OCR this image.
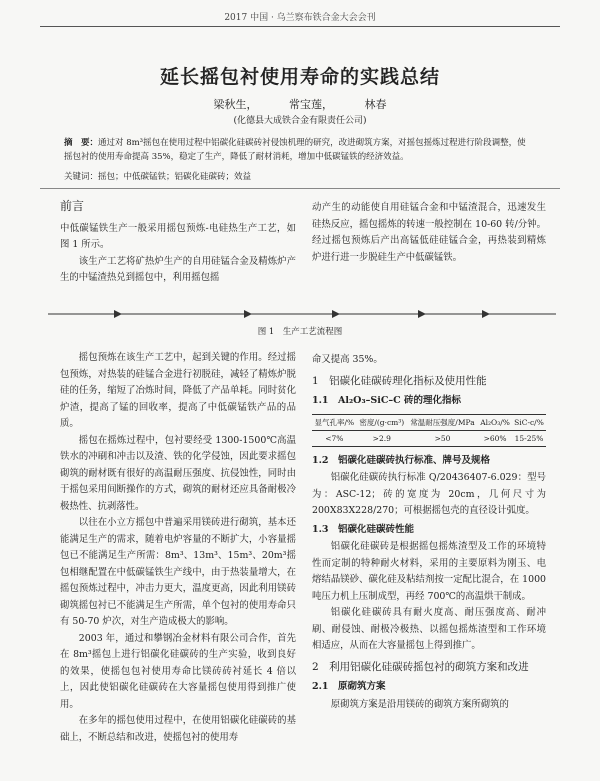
2017 中国 · 乌兰察布铁合金大会会刊
延长摇包衬使用寿命的实践总结
梁秋生，	常宝莲，	林春
(化德县大成铁合金有限责任公司)
摘　要：通过对 8m³摇包在使用过程中铝碳化硅碳砖衬侵蚀机理的研究，改进砌筑方案，对摇包摇炼过程进行阶段调整，使摇包衬的使用寿命提高 35%，稳定了生产，降低了耐材消耗，增加中低碳锰铁的经济效益。
关键词：摇包；中低碳锰铁；铝碳化硅碳砖；效益
前言

中低碳锰铁生产一般采用摇包预炼-电硅热生产工艺，如图 1 所示。

该生产工艺将矿热炉生产的自用硅锰合金及精炼炉产生的中锰渣热兑到摇包中，利用摇包摇

动产生的动能使自用硅锰合金和中锰渣混合，迅速发生硅热反应，摇包摇炼的转速一般控制在 10-60 转/分钟。经过摇包预炼后产出高锰低硅硅锰合金，再热装到精炼炉进行进一步脱硅生产中低碳锰铁。

图 1　生产工艺流程图

摇包预炼在该生产工艺中，起到关键的作用。经过摇包预炼，对热装的硅锰合金进行初脱硅，减轻了精炼炉脱硅的任务，缩短了冶炼时间，降低了产品单耗。同时贫化炉渣，提高了锰的回收率，提高了中低碳锰铁产品的品质。

摇包在摇炼过程中，包衬要经受 1300-1500℃高温铁水的冲刷和冲击以及渣、铁的化学侵蚀，因此要求摇包砌筑的耐材既有很好的高温耐压强度、抗侵蚀性，同时由于摇包采用间断操作的方式，砌筑的耐材还应具备耐极冷极热性、抗剥落性。

以往在小立方摇包中普遍采用镁砖进行砌筑，基本还能满足生产的需求，随着电炉容量的不断扩大，小容量摇包已不能满足生产所需：8m³、13m³、15m³、20m³摇包相继配置在中低碳锰铁生产线中，由于热装量增大，在摇包预炼过程中，冲击力更大，温度更高，因此利用镁砖砌筑摇包衬已不能满足生产所需，单个包衬的使用寿命只有 50-70 炉次，对生产造成极大的影响。

2003 年，通过和攀钢冶金材料有限公司合作，首先在 8m³摇包上进行铝碳化硅碳砖的生产实验，收到良好的效果，使摇包包衬使用寿命比镁砖砖衬延长 4 倍以上，因此使铝碳化硅碳砖在大容量摇包使用得到推广使用。

在多年的摇包使用过程中，在使用铝碳化硅碳砖的基础上，不断总结和改进，使摇包衬的使用寿

命又提高 35%。

1　铝碳化硅碳砖理化指标及使用性能
1.1　Al₂O₃–SiC–C 砖的理化指标
显气孔率/%	密度/(g·cm³)	常温耐压强度/MPa	Al₂O₃/%	SiC-c/%
<7%	>2.9	>50	>60%	15-25%
1.2　铝碳化硅碳砖执行标准、牌号及规格

铝碳化硅碳砖执行标准 Q/20436407-6.029：型号为：ASC-12；砖的宽度为 20cm，几何尺寸为 200X83X228/270；可根据摇包壳的直径设计弧度。

1.3　铝碳化硅碳砖性能

铝碳化硅碳砖是根据摇包摇炼渣型及工作的环境特性而定制的特种耐火材料，采用的主要原料为刚玉、电熔结晶镁砂、碳化硅及粘结剂按一定配比混合，在 1000 吨压力机上压制成型，再经 700℃的高温烘干制成。

铝碳化硅碳砖具有耐火度高、耐压强度高、耐冲刷、耐侵蚀、耐极冷极热、以摇包摇炼渣型和工作环境相适应，从而在大容量摇包上得到推广。

2　利用铝碳化硅碳砖摇包衬的砌筑方案和改进
2.1　原砌筑方案

原砌筑方案是沿用镁砖的砌筑方案所砌筑的
